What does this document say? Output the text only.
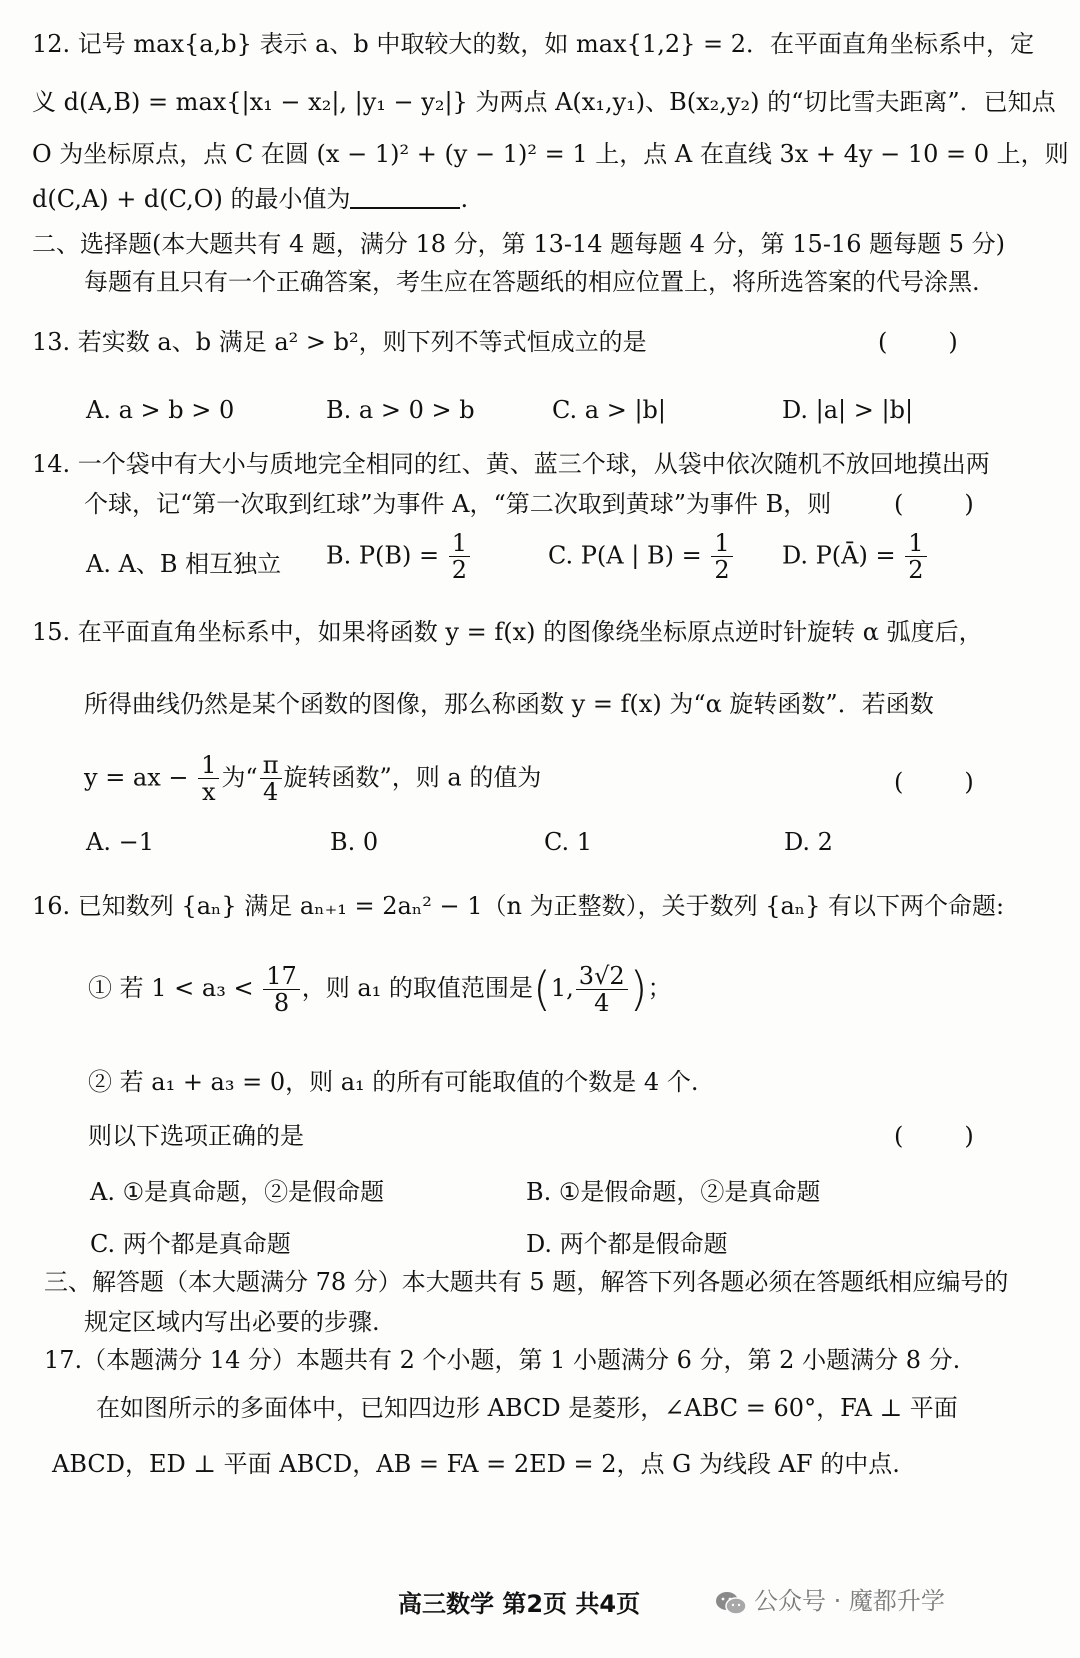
12. 记号 max{a,b} 表示 a、b 中取较大的数，如 max{1,2} = 2．在平面直角坐标系中，定
义 d(A,B) = max{|x₁ − x₂|, |y₁ − y₂|} 为两点 A(x₁,y₁)、B(x₂,y₂) 的“切比雪夫距离”．已知点
O 为坐标原点，点 C 在圆 (x − 1)² + (y − 1)² = 1 上，点 A 在直线 3x + 4y − 10 = 0 上，则
d(C,A) + d(C,O) 的最小值为	.
二、选择题(本大题共有 4 题，满分 18 分，第 13-14 题每题 4 分，第 15-16 题每题 5 分)
每题有且只有一个正确答案，考生应在答题纸的相应位置上，将所选答案的代号涂黑.
13. 若实数 a、b 满足 a² > b²，则下列不等式恒成立的是	(        )
A. a > b > 0	B. a > 0 > b	C. a > |b|	D. |a| > |b|
14. 一个袋中有大小与质地完全相同的红、黄、蓝三个球，从袋中依次随机不放回地摸出两
个球，记“第一次取到红球”为事件 A，“第二次取到黄球”为事件 B，则	(        )
A. A、B 相互独立 B. $P(B) = \frac{1}{2}$	C. P(A | $B) = \frac{1}{2} D$. P(Ā) = $\frac{1}{2}$
15. 在平面直角坐标系中，如果将函数 y = f(x) 的图像绕坐标原点逆时针旋转 α 弧度后，
所得曲线仍然是某个函数的图像，那么称函数 y = f(x) 为“α 旋转函数”．若函数
y = ax − $\frac{1}{x}$ 为“ $\frac{\pi}{4}$ 旋转函数”，则 a 的值为	(        )
A. −1	B. 0	C. 1	D. 2
16. 已知数列 {aₙ} 满足 aₙ₊₁ = 2aₙ² − 1（n 为正整数），关于数列 {aₙ} 有以下两个命题:
① 若 $1 < a_3 < \frac{17}{8}$ ，则 a₁ 的取值范围是(1, $\frac{3√2}{4}$ )；
② 若 a₁ + a₃ = 0，则 a₁ 的所有可能取值的个数是 4 个.
则以下选项正确的是	(        )
A. ①是真命题，②是假命题	B. ①是假命题，②是真命题
C. 两个都是真命题	D. 两个都是假命题
三、解答题（本大题满分 78 分）本大题共有 5 题，解答下列各题必须在答题纸相应编号的
规定区域内写出必要的步骤.
17.（本题满分 14 分）本题共有 2 个小题，第 1 小题满分 6 分，第 2 小题满分 8 分.
在如图所示的多面体中，已知四边形 ABCD 是菱形，∠ABC = 60°，FA ⊥ 平面
ABCD，ED ⊥ 平面 ABCD，AB = FA = 2ED = 2，点 G 为线段 AF 的中点.
高三数学 第2页 共4页	公众号 · 魔都升学
